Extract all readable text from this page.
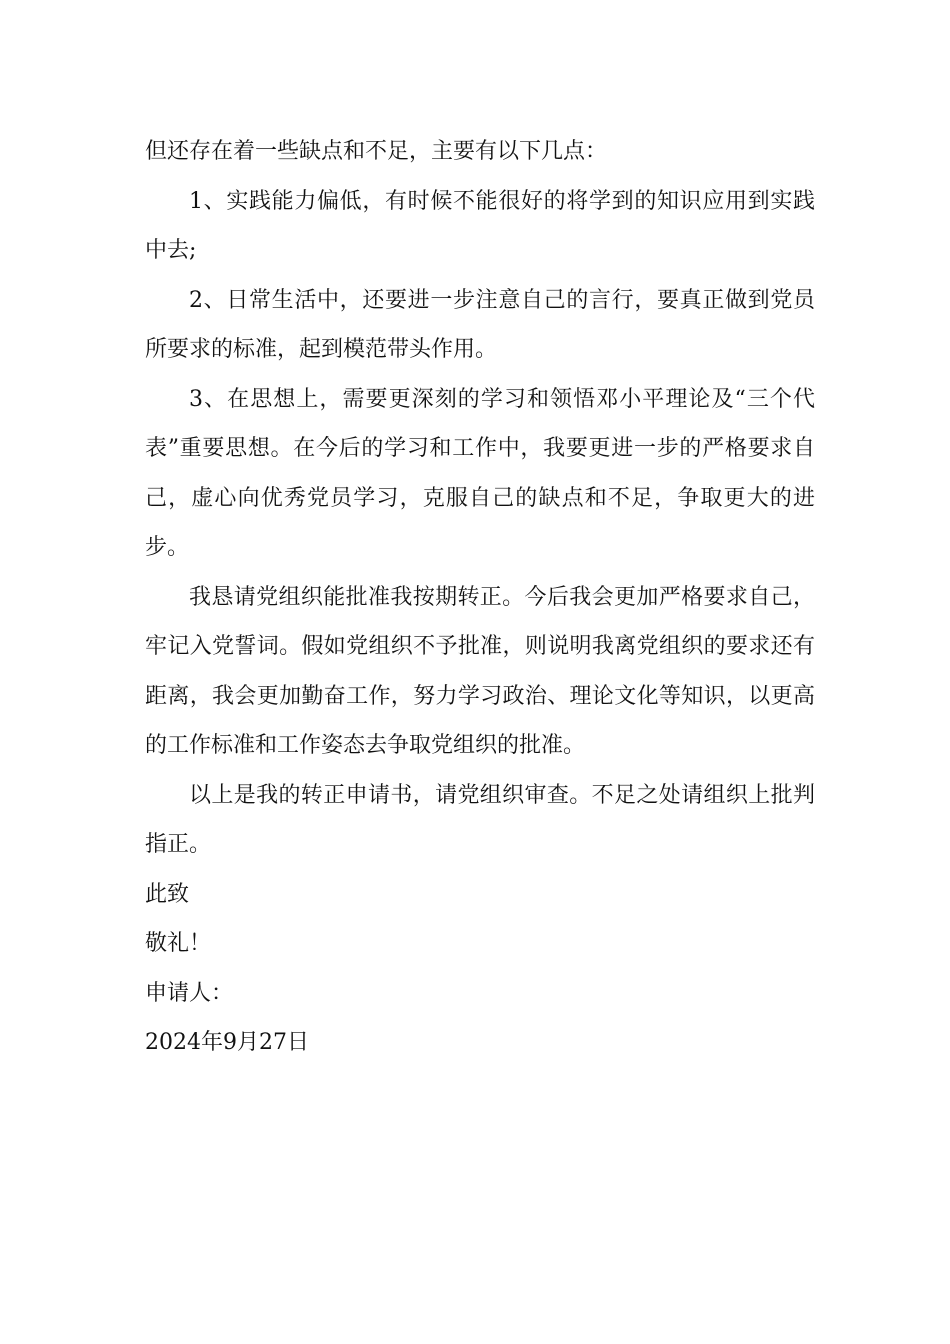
但还存在着一些缺点和不足，主要有以下几点：

1、实践能力偏低，有时候不能很好的将学到的知识应用到实践中去;

2、日常生活中，还要进一步注意自己的言行，要真正做到党员所要求的标准，起到模范带头作用。

3、在思想上，需要更深刻的学习和领悟邓小平理论及“三个代表”重要思想。在今后的学习和工作中，我要更进一步的严格要求自己，虚心向优秀党员学习，克服自己的缺点和不足，争取更大的进步。

我恳请党组织能批准我按期转正。今后我会更加严格要求自己，牢记入党誓词。假如党组织不予批准，则说明我离党组织的要求还有距离，我会更加勤奋工作，努力学习政治、理论文化等知识，以更高的工作标准和工作姿态去争取党组织的批准。

以上是我的转正申请书，请党组织审查。不足之处请组织上批判指正。

此致

敬礼！

申请人：

2024年9月27日
